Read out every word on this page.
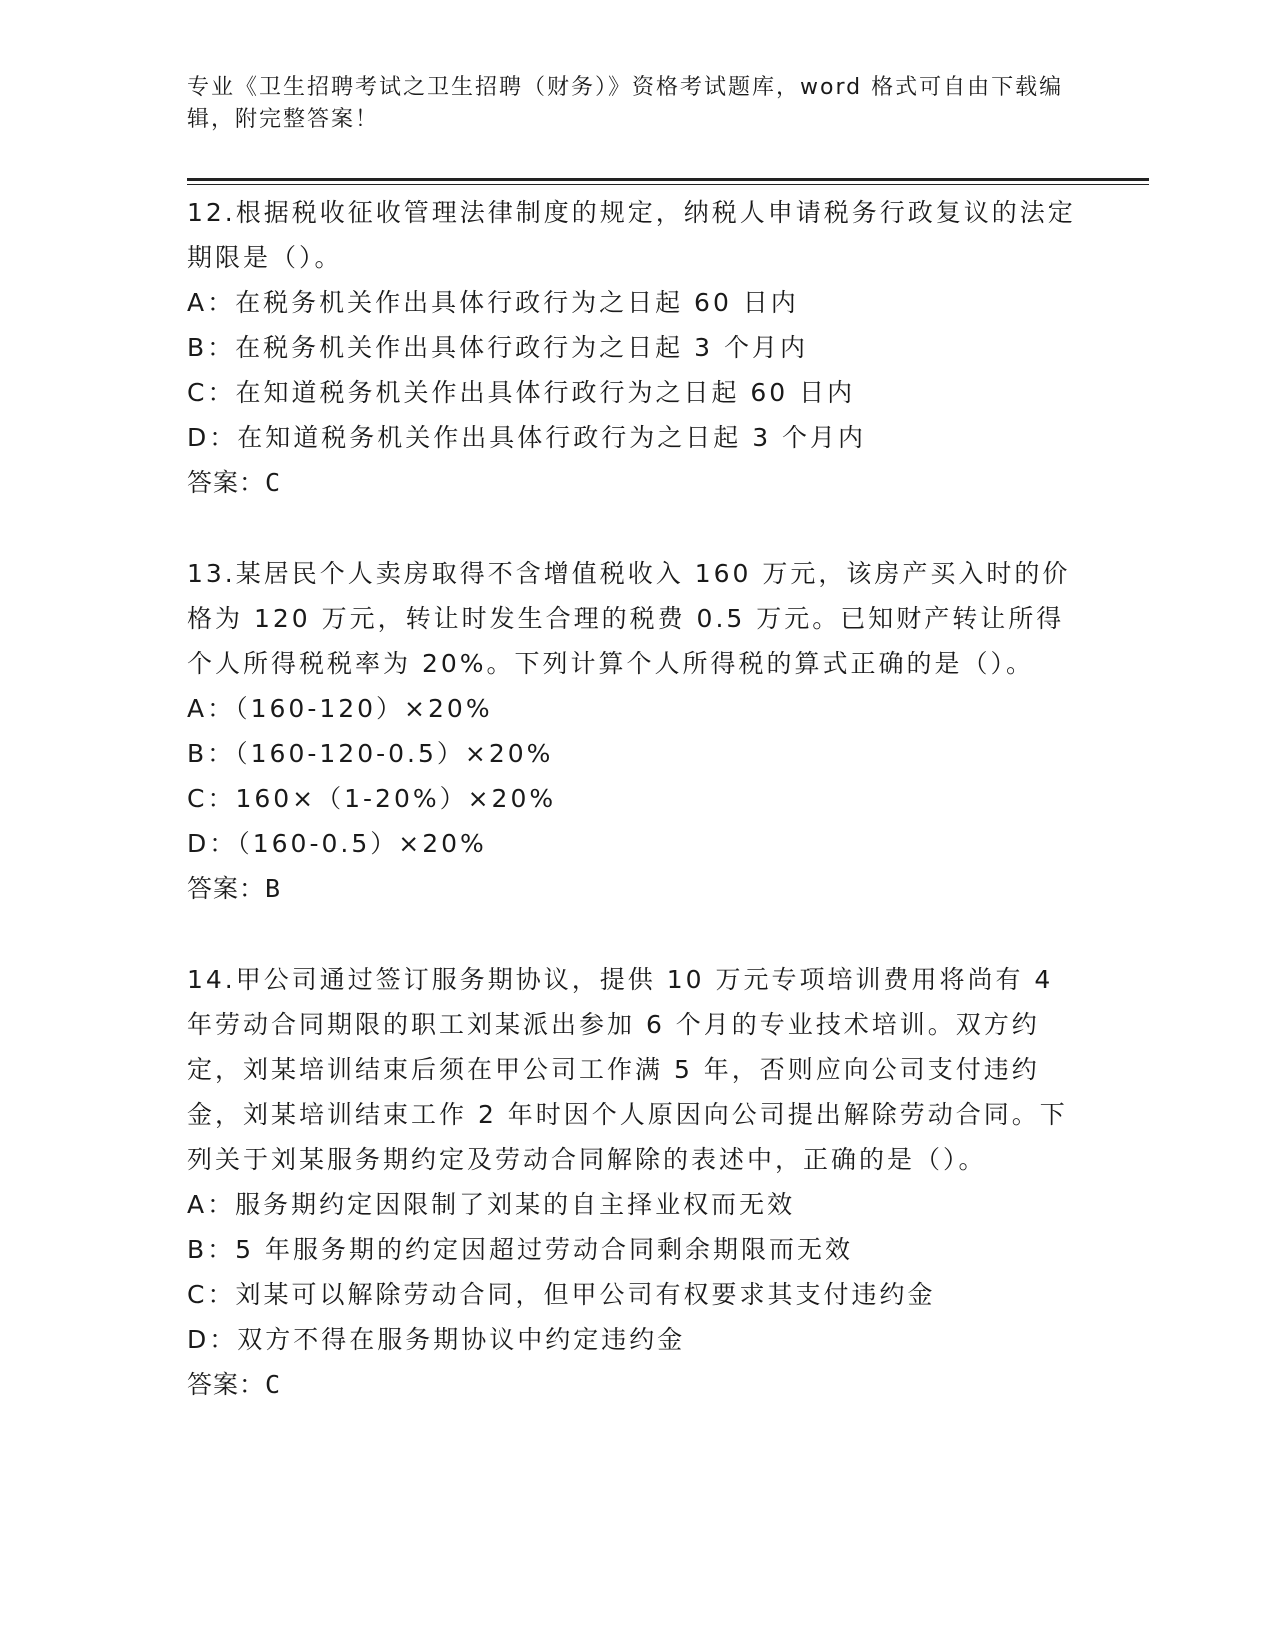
专业《卫生招聘考试之卫生招聘（财务）》资格考试题库，word 格式可自由下载编辑，附完整答案！

12.根据税收征收管理法律制度的规定，纳税人申请税务行政复议的法定期限是（）。

A：在税务机关作出具体行政行为之日起 60 日内

B：在税务机关作出具体行政行为之日起 3 个月内

C：在知道税务机关作出具体行政行为之日起 60 日内

D：在知道税务机关作出具体行政行为之日起 3 个月内

答案：C

13.某居民个人卖房取得不含增值税收入 160 万元，该房产买入时的价格为 120 万元，转让时发生合理的税费 0.5 万元。已知财产转让所得个人所得税税率为 20%。下列计算个人所得税的算式正确的是（）。

A：（160-120）×20%

B：（160-120-0.5）×20%

C：160×（1-20%）×20%

D：（160-0.5）×20%

答案：B

14.甲公司通过签订服务期协议，提供 10 万元专项培训费用将尚有 4 年劳动合同期限的职工刘某派出参加 6 个月的专业技术培训。双方约定，刘某培训结束后须在甲公司工作满 5 年，否则应向公司支付违约金，刘某培训结束工作 2 年时因个人原因向公司提出解除劳动合同。下列关于刘某服务期约定及劳动合同解除的表述中，正确的是（）。

A：服务期约定因限制了刘某的自主择业权而无效

B：5 年服务期的约定因超过劳动合同剩余期限而无效

C：刘某可以解除劳动合同，但甲公司有权要求其支付违约金

D：双方不得在服务期协议中约定违约金

答案：C
